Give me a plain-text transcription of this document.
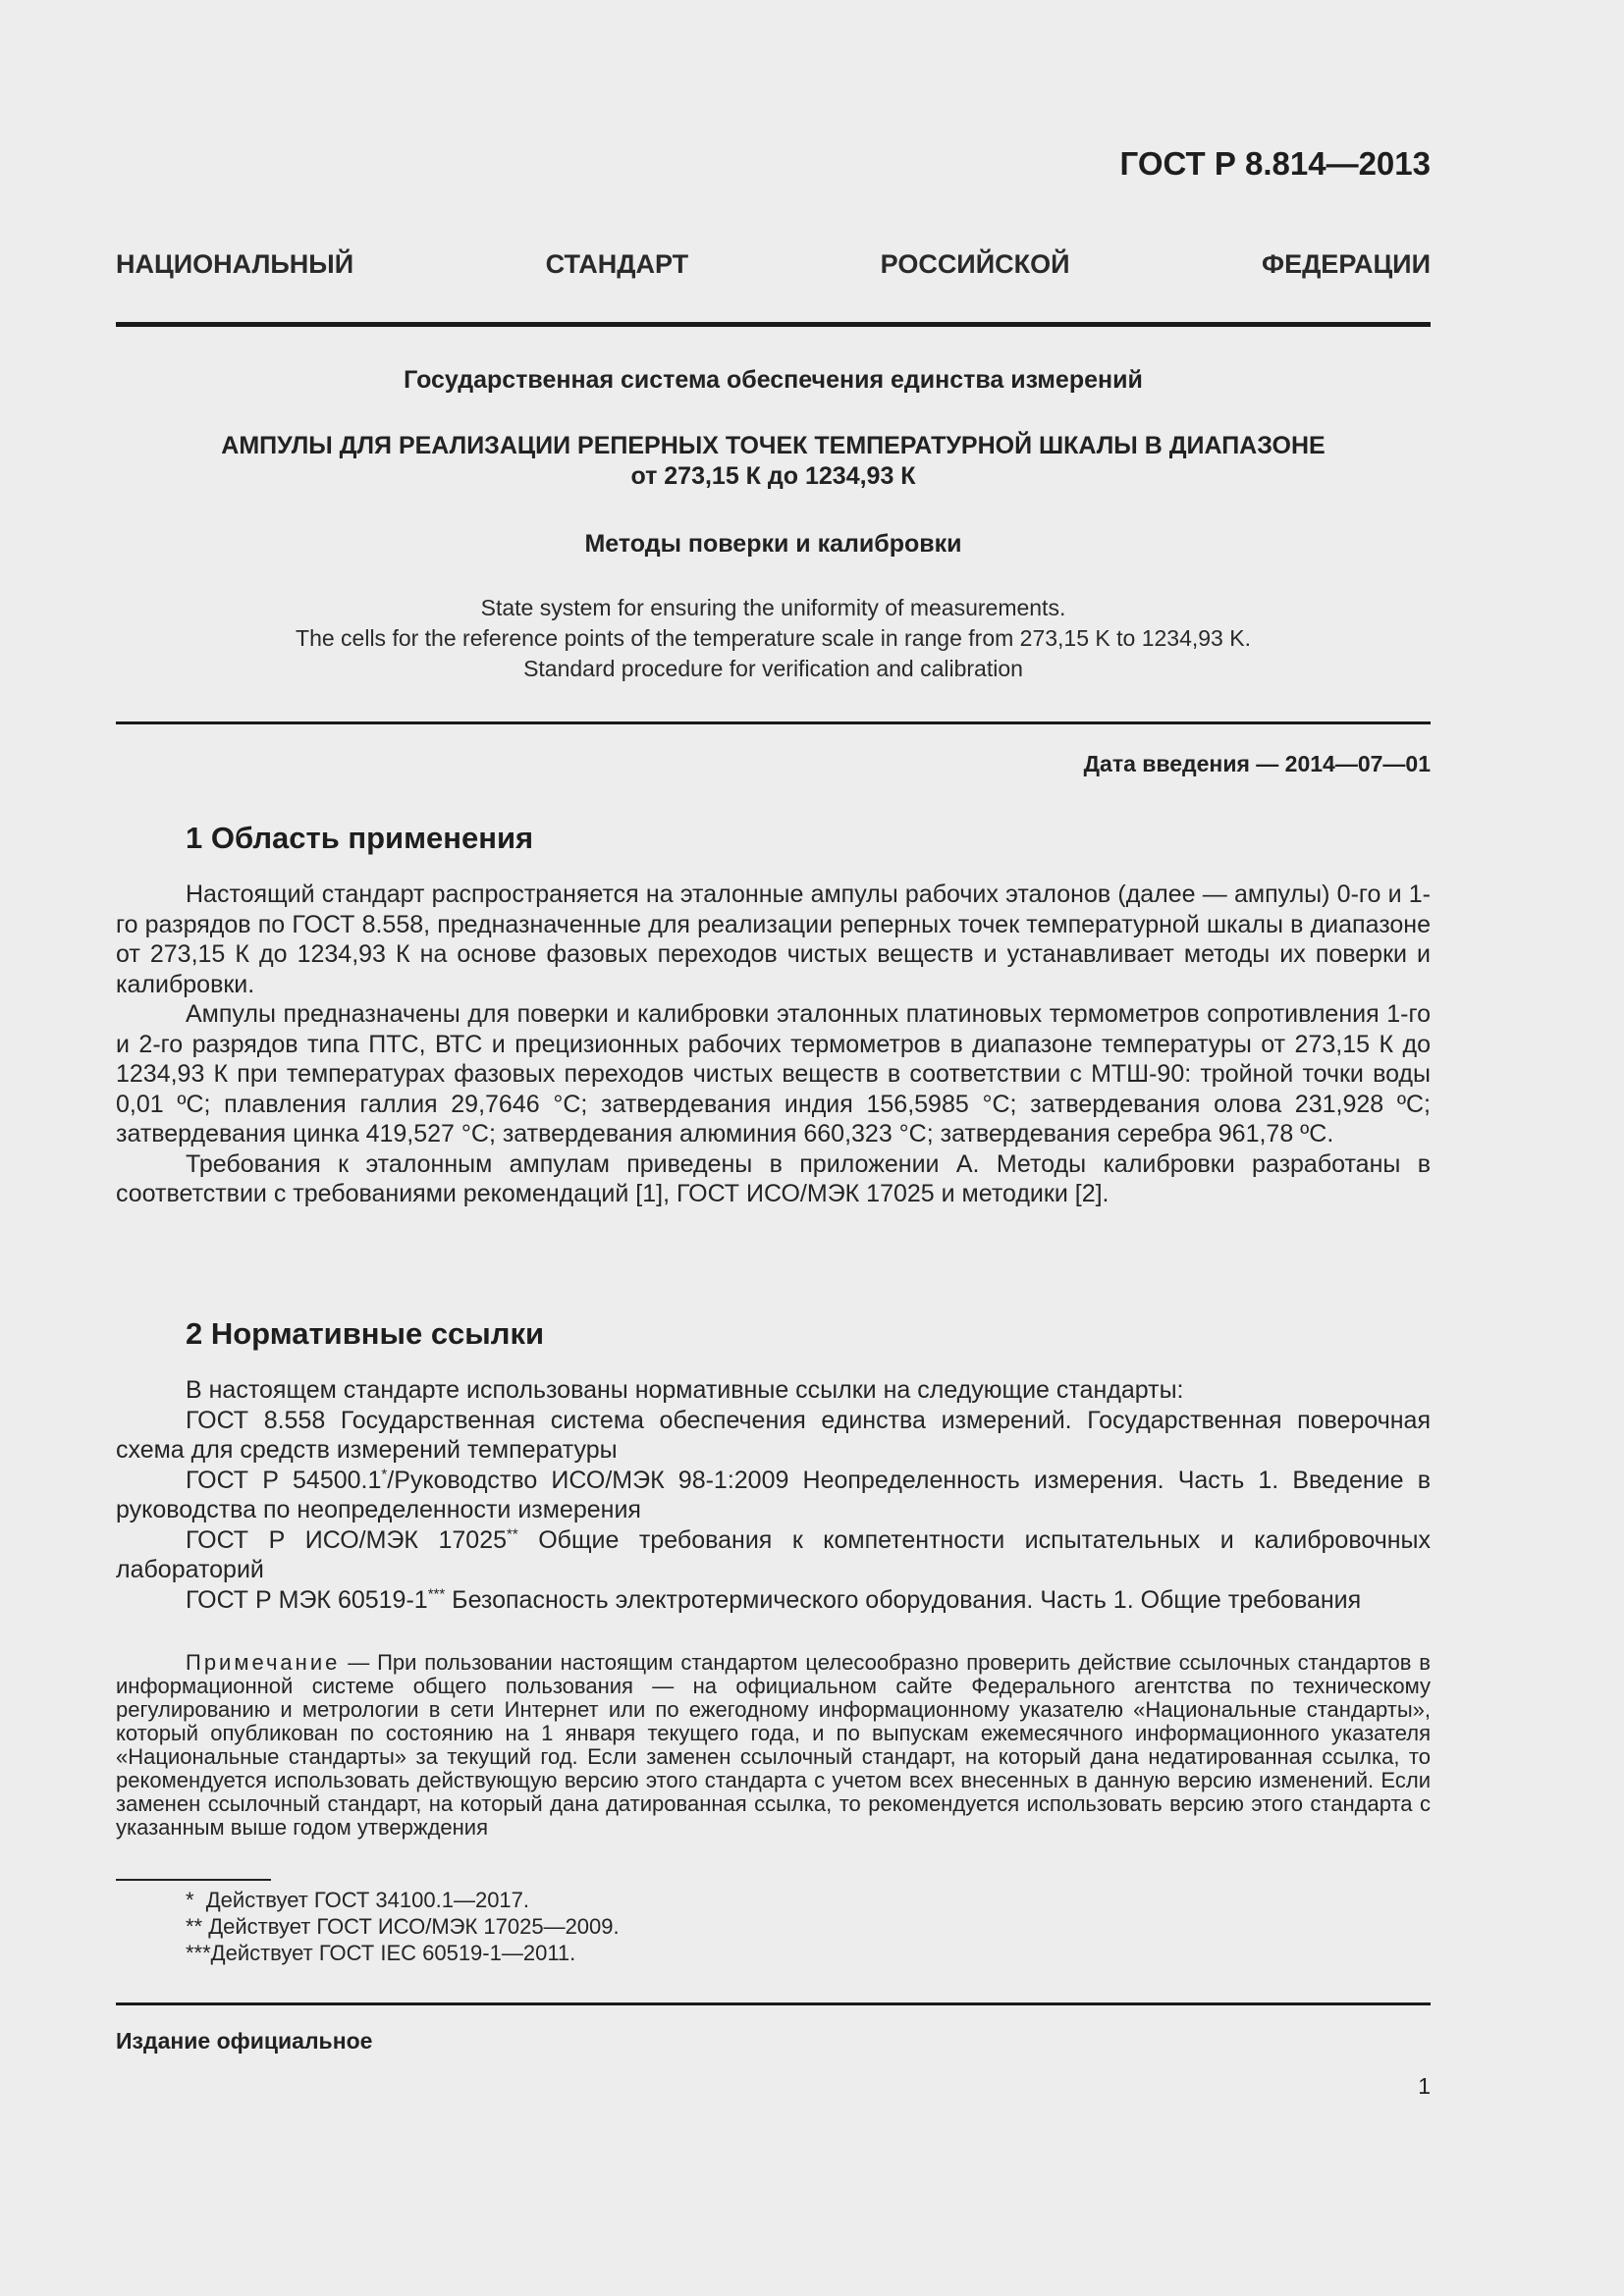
ГОСТ Р 8.814—2013
НАЦИОНАЛЬНЫЙ СТАНДАРТ РОССИЙСКОЙ ФЕДЕРАЦИИ
Государственная система обеспечения единства измерений
АМПУЛЫ ДЛЯ РЕАЛИЗАЦИИ РЕПЕРНЫХ ТОЧЕК ТЕМПЕРАТУРНОЙ ШКАЛЫ В ДИАПАЗОНЕ
от 273,15 К до 1234,93 К
Методы поверки и калибровки
State system for ensuring the uniformity of measurements.
The cells for the reference points of the temperature scale in range from 273,15 K to 1234,93 K.
Standard procedure for verification and calibration
Дата введения — 2014—07—01
1 Область применения

Настоящий стандарт распространяется на эталонные ампулы рабочих эталонов (далее — ампулы) 0-го и 1-го разрядов по ГОСТ 8.558, предназначенные для реализации реперных точек температурной шкалы в диапазоне от 273,15 К до 1234,93 К на основе фазовых переходов чистых веществ и устанавливает методы их поверки и калибровки.

Ампулы предназначены для поверки и калибровки эталонных платиновых термометров сопротивления 1-го и 2-го разрядов типа ПТС, ВТС и прецизионных рабочих термометров в диапазоне температуры от 273,15 К до 1234,93 К при температурах фазовых переходов чистых веществ в соответствии с МТШ-90: тройной точки воды 0,01 ºС; плавления галлия 29,7646 °С; затвердевания индия 156,5985 °С; затвердевания олова 231,928 ºС; затвердевания цинка 419,527 °С; затвердевания алюминия 660,323 °С; затвердевания серебра 961,78 ºС.

Требования к эталонным ампулам приведены в приложении А. Методы калибровки разработаны в соответствии с требованиями рекомендаций [1], ГОСТ ИСО/МЭК 17025 и методики [2].

2 Нормативные ссылки

В настоящем стандарте использованы нормативные ссылки на следующие стандарты:

ГОСТ 8.558 Государственная система обеспечения единства измерений. Государственная поверочная схема для средств измерений температуры

ГОСТ Р 54500.1*/Руководство ИСО/МЭК 98-1:2009 Неопределенность измерения. Часть 1. Введение в руководства по неопределенности измерения

ГОСТ Р ИСО/МЭК 17025** Общие требования к компетентности испытательных и калибровочных лабораторий

ГОСТ Р МЭК 60519-1*** Безопасность электротермического оборудования. Часть 1. Общие требования

Примечание — При пользовании настоящим стандартом целесообразно проверить действие ссылочных стандартов в информационной системе общего пользования — на официальном сайте Федерального агентства по техническому регулированию и метрологии в сети Интернет или по ежегодному информационному указателю «Национальные стандарты», который опубликован по состоянию на 1 января текущего года, и по выпускам ежемесячного информационного указателя «Национальные стандарты» за текущий год. Если заменен ссылочный стандарт, на который дана недатированная ссылка, то рекомендуется использовать действующую версию этого стандарта с учетом всех внесенных в данную версию изменений. Если заменен ссылочный стандарт, на который дана датированная ссылка, то рекомендуется использовать версию этого стандарта с указанным выше годом утверждения

*  Действует ГОСТ 34100.1—2017.
** Действует ГОСТ ИСО/МЭК 17025—2009.
***Действует ГОСТ IEC 60519-1—2011.
Издание официальное
1
